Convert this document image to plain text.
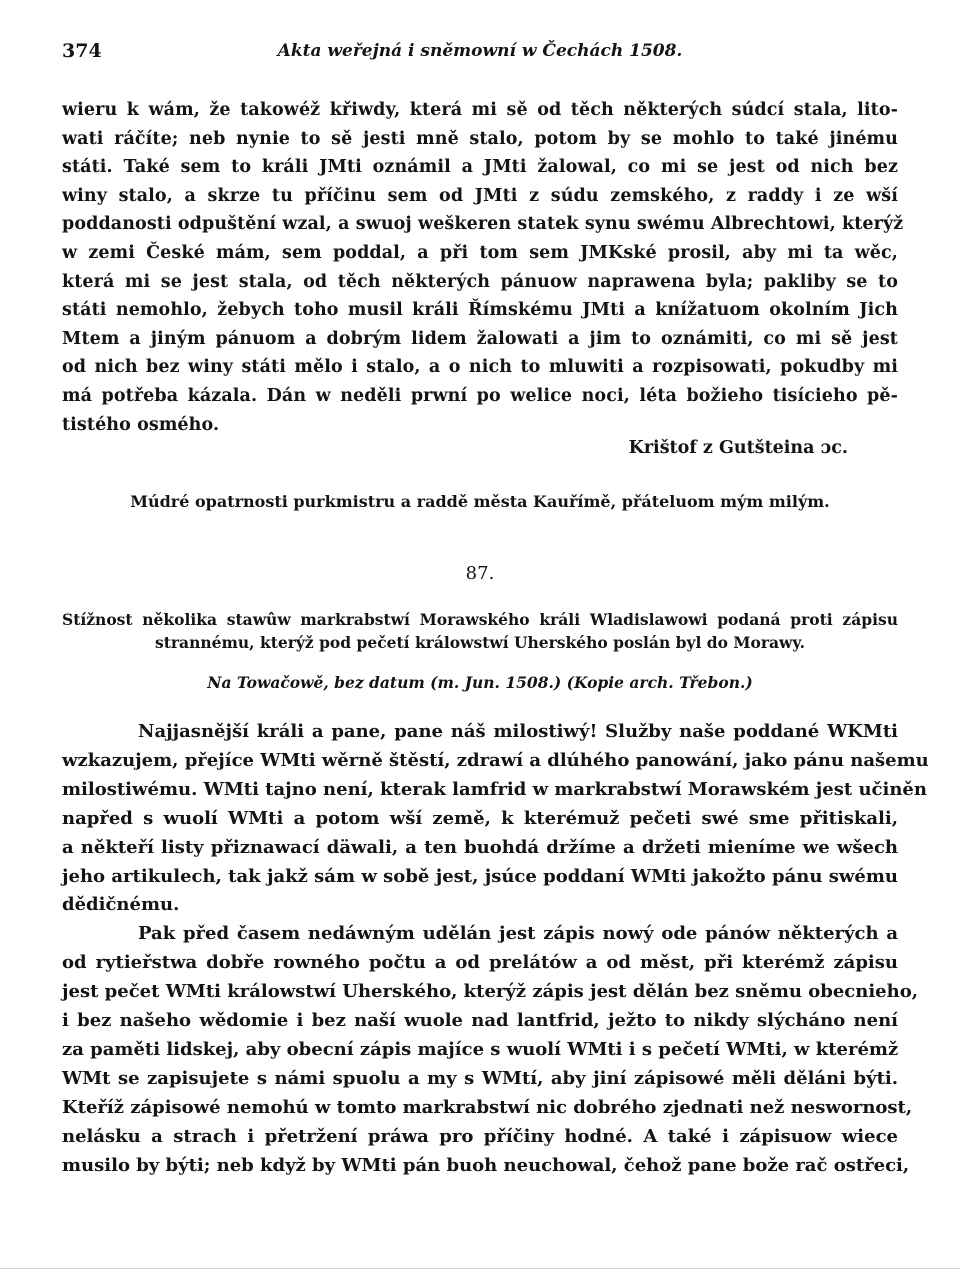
374	Akta weřejná i sněmowní w Čechách 1508.
wieru k wám, že takowéž křiwdy, která mi sě od těch některých súdcí stala, lito-
wati ráčíte; neb nynie to sě jesti mně stalo, potom by se mohlo to také jinému
státi. Také sem to králi JMti oznámil a JMti žalowal, co mi se jest od nich bez
winy stalo, a skrze tu příčinu sem od JMti z súdu zemského, z raddy i ze wší
poddanosti odpuštění wzal, a swuoj weškeren statek synu swému Albrechtowi, kterýž
w zemi České mám, sem poddal, a při tom sem JMKské prosil, aby mi ta wěc,
která mi se jest stala, od těch některých pánuow naprawena byla; pakliby se to
státi nemohlo, žebych toho musil králi Římskému JMti a knížatuom okolním Jich
Mtem a jiným pánuom a dobrým lidem žalowati a jim to oznámiti, co mi sě jest
od nich bez winy státi mělo i stalo, a o nich to mluwiti a rozpisowati, pokudby mi
má potřeba kázala. Dán w neděli prwní po welice noci, léta božieho tisícieho pě-
tistého osmého.
Krištof z Gutšteina ɔc.
Múdré opatrnosti purkmistru a raddě města Kauřímě, přáteluom mým milým.
87.
Stížnost několika stawûw markrabstwí Morawského králi Wladislawowi podaná proti zápisu
strannému, kterýž pod pečetí králowstwí Uherského poslán byl do Morawy.
Na Towačowě, bez datum (m. Jun. 1508.) (Kopie arch. Třebon.)
Najjasnější králi a pane, pane náš milostiwý! Služby naše poddané WKMti
wzkazujem, přejíce WMti wěrně štěstí, zdrawí a dlúhého panowání, jako pánu našemu
milostiwému. WMti tajno není, kterak lamfrid w markrabstwí Morawském jest učiněn
napřed s wuolí WMti a potom wší země, k kterémuž pečeti swé sme přitiskali,
a někteří listy přiznawací däwali, a ten buohdá držíme a držeti mieníme we wšech
jeho artikulech, tak jakž sám w sobě jest, jsúce poddaní WMti jakožto pánu swému
dědičnému.
Pak před časem nedáwným udělán jest zápis nowý ode pánów některých a
od rytieřstwa dobře rowného počtu a od prelátów a od měst, při kterémž zápisu
jest pečet WMti králowstwí Uherského, kterýž zápis jest dělán bez sněmu obecnieho,
i bez našeho wědomie i bez naší wuole nad lantfrid, ježto to nikdy slýcháno není
za paměti lidskej, aby obecní zápis majíce s wuolí WMti i s pečetí WMti, w kterémž
WMt se zapisujete s námi spuolu a my s WMtí, aby jiní zápisowé měli děláni býti.
Kteříž zápisowé nemohú w tomto markrabstwí nic dobrého zjednati než neswornost,
nelásku a strach i přetržení práwa pro příčiny hodné. A také i zápisuow wiece
musilo by býti; neb když by WMti pán buoh neuchowal, čehož pane bože rač ostřeci,
